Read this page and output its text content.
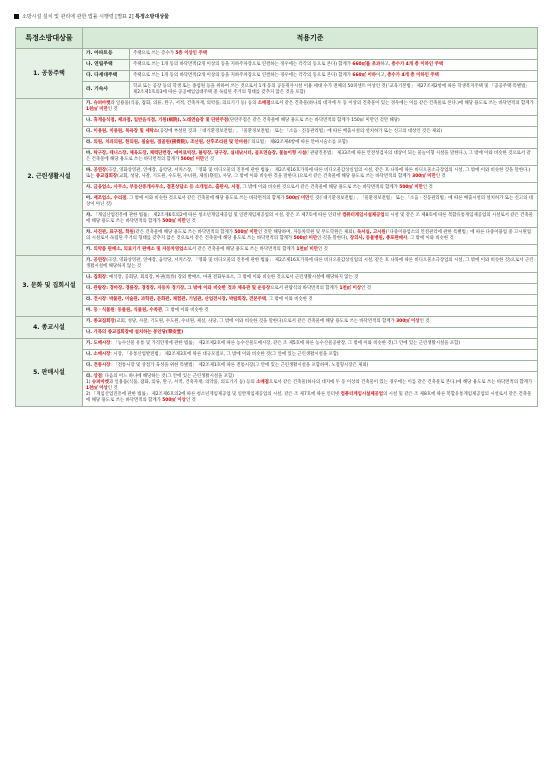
소방시설 설치 및 관리에 관한 법률 시행령 [별표 2] 특정소방대상물
특정소방대상물	적용기준	
1. 공동주택	가. 아파트등	주택으로 쓰는 층수가 5층 이상인 주택
	나. 연립주택	주택으로 쓰는 1개 동의 바닥면적(2개 이상의 동을 지하주차장으로 연결하는 경우에는 각각의 동으로 본다) 합계가 660㎡를 초과하고, 층수가 4개 층 이하인 주택
	다. 다세대주택	주택으로 쓰는 1개 동의 바닥면적(2개 이상의 동을 지하주차장으로 연결하는 경우에는 각각의 동으로 본다) 합계가 660㎡ 이하이고, 층수가 4개 층 이하인 주택
	라. 기숙사	학교 또는 공장 등의 학생 또는 종업원 등을 위하여 쓰는 것으로서 1개 동의 공동취사시설 이용 세대 수가 전체의 50퍼센트 이상인 것(「교육기본법」 제27조제2항에 따른 학생복지주택 및 「공공주택 특별법」 제2조제1호의3에 따른 공공매입임대주택 중 독립된 주거의 형태를 갖추지 않은 것을 포함)
2. 근린생활시설	가. 슈퍼마켓과 일용품(식품, 잡화, 의류, 완구, 서적, 건축자재, 의약품, 의료기기 등) 등의 소매점으로서 같은 건축물(하나의 대지에 두 동 이상의 건축물이 있는 경우에는 이를 같은 건축물로 본다.)에 해당 용도로 쓰는 바닥면적의 합계가 1천㎡ 미만인 것	
	나. 휴게음식점, 제과점, 일반음식점, 기원(棋院), 노래연습장 및 단란주점(단란주점은 같은 건축물에 해당 용도로 쓰는 바닥면적의 합계가 150㎡ 미만인 것만 해당)	
	다. 이용원, 미용원, 목욕장 및 세탁소(공장에 부설된 것과 「대기환경보전법」, 「물환경보전법」 또는 「소음ㆍ진동관리법」에 따른 배출시설의 설치허가 또는 신고의 대상인 것은 제외)	
	라. 의원, 치과의원, 한의원, 침술원, 접골원(接骨院), 조산원, 산후조리원 및 안마원(「의료법」 제82조제4항에 따른 안마시술소를 포함)	
	마. 탁구장, 테니스장, 체육도장, 체력단련장, 에어로빅장, 볼링장, 당구장, 실내낚시터, 골프연습장, 물놀이형 시설(「관광진흥법」 제33조에 따른 안전성검사의 대상이 되는 물놀이형 시설을 말한다.), 그 밖에 이와 비슷한 것으로서 같은 건축물에 해당 용도로 쓰는 바닥면적의 합계가 500㎡ 미만인 것	
	바. 공연장(극장, 영화상영관, 연예장, 음악당, 서커스장, 「영화 및 비디오물의 진흥에 관한 법률」 제2조제16호가목에 따른 비디오물감상실업의 시설, 같은 호 나목에 따른 비디오물소극장업의 시설, 그 밖에 이와 비슷한 것을 말한다.) 또는 종교집회장(교회, 성당, 사찰, 기도원, 수도원, 수녀원, 제실(祭室), 사당, 그 밖에 이와 비슷한 것을 말한다.)으로서 같은 건축물에 해당 용도로 쓰는 바닥면적의 합계가 300㎡ 미만인 것	
	사. 금융업소, 사무소, 부동산중개사무소, 결혼상담소 등 소개업소, 출판사, 서점, 그 밖에 이와 비슷한 것으로서 같은 건축물에 해당 용도로 쓰는 바닥면적의 합계가 500㎡ 미만인 것	
	아. 제조업소, 수리점, 그 밖에 이와 비슷한 것으로서 같은 건축물에 해당 용도로 쓰는 바닥면적의 합계가 500㎡ 미만인 것(「대기환경보전법」, 「물환경보전법」 또는 「소음ㆍ진동관리법」에 따른 배출시설의 설치허가 또는 신고의 대상이 아닌 것)	
	자. 「게임산업진흥에 관한 법률」 제2조제6호의2에 따른 청소년게임제공업 및 일반게임제공업의 시설, 같은 조 제7호에 따른 인터넷 컴퓨터게임시설제공업의 시설 및 같은 조 제8호에 따른 복합유통게임제공업의 시설로서 같은 건축물에 해당 용도로 쓰는 바닥면적의 합계가 500㎡ 미만인 것	
	차. 사진관, 표구점, 학원(같은 건축물에 해당 용도로 쓰는 바닥면적의 합계가 500㎡ 미만인 것만 해당하며, 자동차학원 및 무도학원은 제외), 독서실, 고시원(「다중이용업소의 안전관리에 관한 특별법」에 따른 다중이용업 중 고시원업의 시설로서 독립된 주거의 형태를 갖추지 않은 것으로서 같은 건축물에 해당 용도로 쓰는 바닥면적의 합계가 500㎡ 미만인 것을 말한다), 장의사, 동물병원, 총포판매사, 그 밖에 이와 비슷한 것	
	카. 의약품 판매소, 의료기기 판매소 및 자동차영업소로서 같은 건축물에 해당 용도로 쓰는 바닥면적의 합계가 1천㎡ 미만인 것	
3. 문화 및 집회시설	가. 공연장(극장, 영화상영관, 연예장, 음악당, 서커스장, 「영화 및 비디오물의 진흥에 관한 법률」 제2조제16호가목에 따른 비디오물감상실업의 시설, 같은 호 나목에 따른 비디오물소극장업의 시설, 그 밖에 이와 비슷한 것)으로서 근린생활시설에 해당하지 않는 것	
	나. 집회장: 예식장, 공회당, 회의장, 마권(馬券) 장외 발매소, 마권 전화투표소, 그 밖에 이와 비슷한 것으로서 근린생활시설에 해당하지 않는 것	
	다. 관람장: 경마장, 경륜장, 경정장, 자동차 경기장, 그 밖에 이와 비슷한 것과 체육관 및 운동장으로서 관람석의 바닥면적의 합계가 1천㎡ 이상인 것	
	라. 전시장: 박물관, 미술관, 과학관, 문화관, 체험관, 기념관, 산업전시장, 박람회장, 견본주택, 그 밖에 이와 비슷한 것	
	마. 동ㆍ식물원: 동물원, 식물원, 수족관, 그 밖에 이와 비슷한 것	
4. 종교시설	가. 종교집회장(교회, 성당, 사찰, 기도원, 수도원, 수녀원, 제실, 사당, 그 밖에 이와 비슷한 것을 말한다)으로서 같은 건축물에 해당 용도로 쓰는 바닥면적의 합계가 300㎡ 이상인 것	
	나. 가목의 종교집회장에 설치하는 봉안당(奉安堂)	
5. 판매시설	가. 도매시장: 「농수산물 유통 및 가격안정에 관한 법률」 제2조제2호에 따른 농수산물도매시장, 같은 조 제5호에 따른 농수산물공판장, 그 밖에 이와 비슷한 것(그 안에 있는 근린생활시설을 포함)	
	나. 소매시장: 시장, 「유통산업발전법」 제2조제3호에 따른 대규모점포, 그 밖에 이와 비슷한 것(그 안에 있는 근린생활시설을 포함)	
	다. 전통시장: 「전통시장 및 상점가 육성을 위한 특별법」 제2조제1호에 따른 전통시장(그 안에 있는 근린생활시설을 포함하며, 노점형시장은 제외)	
	라. 상점: 다음의 어느 하나에 해당하는 것(그 안에 있는 근린생활시설을 포함)
1) 슈퍼마켓과 일용품(식품, 잡화, 의류, 완구, 서적, 건축자재, 의약품, 의료기기 등) 등의 소매점으로서 같은 건축물(하나의 대지에 두 동 이상의 건축물이 있는 경우에는 이를 같은 건축물로 본다.)에 해당 용도로 쓰는 바닥면적의 합계가 1천㎡ 이상인 것
2) 「게임산업진흥에 관한 법률」 제2조제6호의2에 따른 청소년게임제공업 및 일반게임제공업의 시설, 같은 조 제7호에 따른 인터넷 컴퓨터게임시설제공업의 시설 및 같은 조 제8호에 따른 복합유통게임제공업의 시설로서 같은 건축물에 해당 용도로 쓰는 바닥면적의 합계가 500㎡ 이상인 것	
